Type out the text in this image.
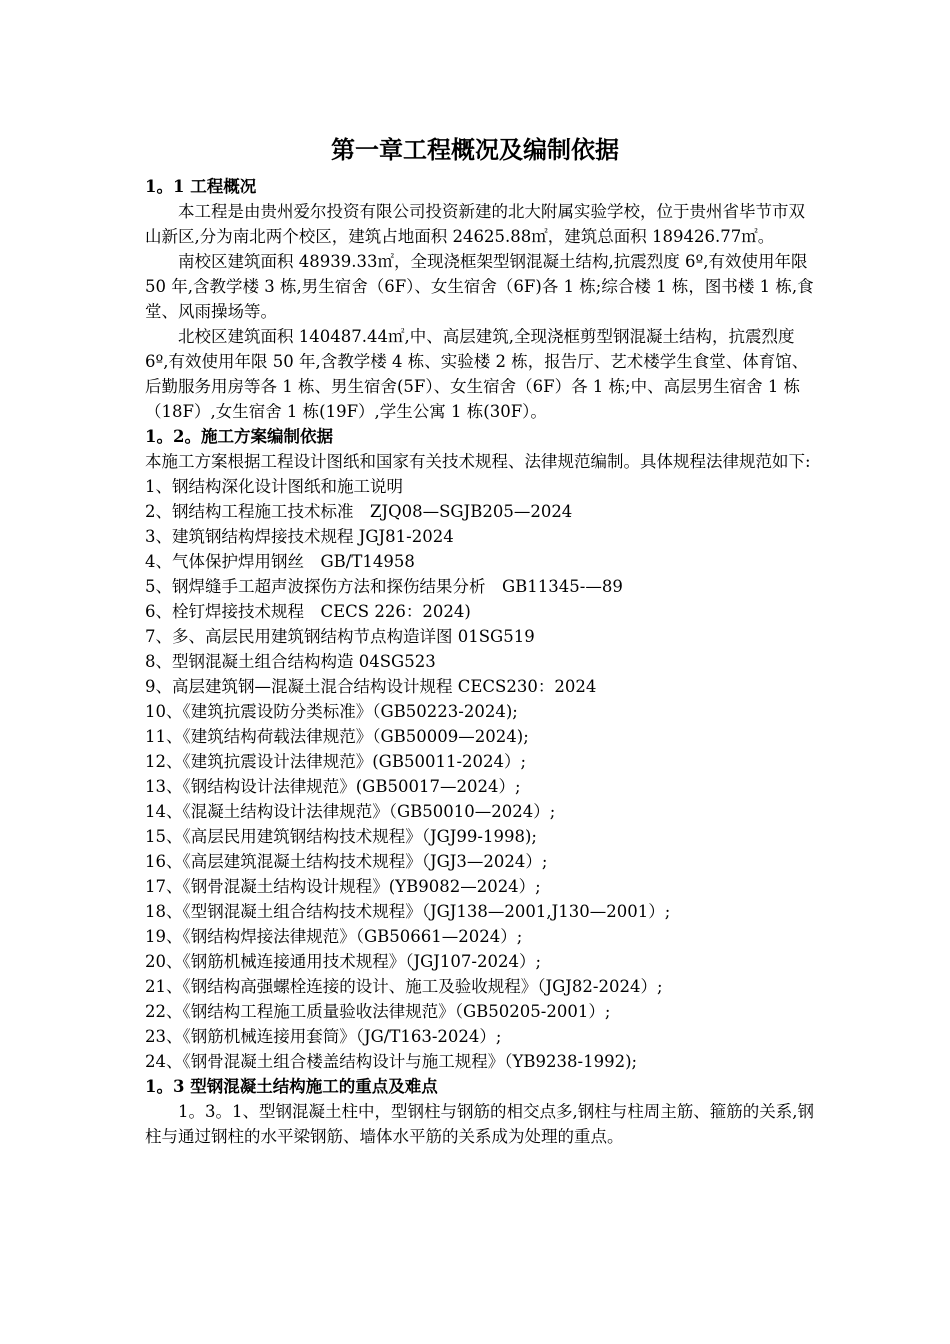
第一章工程概况及编制依据

1。1 工程概况

本工程是由贵州爱尔投资有限公司投资新建的北大附属实验学校，位于贵州省毕节市双山新区,分为南北两个校区，建筑占地面积 24625.88㎡，建筑总面积 189426.77㎡。

南校区建筑面积 48939.33㎡，全现浇框架型钢混凝土结构,抗震烈度 6º,有效使用年限 50 年,含教学楼 3 栋,男生宿舍（6F）、女生宿舍（6F)各 1 栋;综合楼 1 栋，图书楼 1 栋,食堂、风雨操场等。

北校区建筑面积 140487.44㎡,中、高层建筑,全现浇框剪型钢混凝土结构，抗震烈度 6º,有效使用年限 50 年,含教学楼 4 栋、实验楼 2 栋，报告厅、艺术楼学生食堂、体育馆、后勤服务用房等各 1 栋、男生宿舍(5F）、女生宿舍（6F）各 1 栋;中、高层男生宿舍 1 栋（18F）,女生宿舍 1 栋(19F）,学生公寓 1 栋(30F）。

1。2。施工方案编制依据

本施工方案根据工程设计图纸和国家有关技术规程、法律规范编制。具体规程法律规范如下:

1、钢结构深化设计图纸和施工说明

2、钢结构工程施工技术标准　ZJQ08—SGJB205—2024

3、建筑钢结构焊接技术规程 JGJ81-2024

4、气体保护焊用钢丝　GB/T14958

5、钢焊缝手工超声波探伤方法和探伤结果分析　GB11345-—89

6、栓钉焊接技术规程　CECS 226：2024)

7、多、高层民用建筑钢结构节点构造详图 01SG519

8、型钢混凝土组合结构构造 04SG523

9、高层建筑钢—混凝土混合结构设计规程 CECS230：2024

10、《建筑抗震设防分类标准》（GB50223-2024);

11、《建筑结构荷载法律规范》（GB50009—2024);

12、《建筑抗震设计法律规范》(GB50011-2024）;

13、《钢结构设计法律规范》(GB50017—2024）;

14、《混凝土结构设计法律规范》（GB50010—2024）;

15、《高层民用建筑钢结构技术规程》（JGJ99-1998);

16、《高层建筑混凝土结构技术规程》（JGJ3—2024）;

17、《钢骨混凝土结构设计规程》(YB9082—2024）;

18、《型钢混凝土组合结构技术规程》（JGJ138—2001,J130—2001）;

19、《钢结构焊接法律规范》（GB50661—2024）;

20、《钢筋机械连接通用技术规程》（JGJ107-2024）;

21、《钢结构高强螺栓连接的设计、施工及验收规程》（JGJ82-2024）;

22、《钢结构工程施工质量验收法律规范》（GB50205-2001）;

23、《钢筋机械连接用套筒》（JG/T163-2024）;

24、《钢骨混凝土组合楼盖结构设计与施工规程》（YB9238-1992);

1。3 型钢混凝土结构施工的重点及难点

1。3。1、型钢混凝土柱中，型钢柱与钢筋的相交点多,钢柱与柱周主筋、箍筋的关系,钢柱与通过钢柱的水平梁钢筋、墙体水平筋的关系成为处理的重点。
